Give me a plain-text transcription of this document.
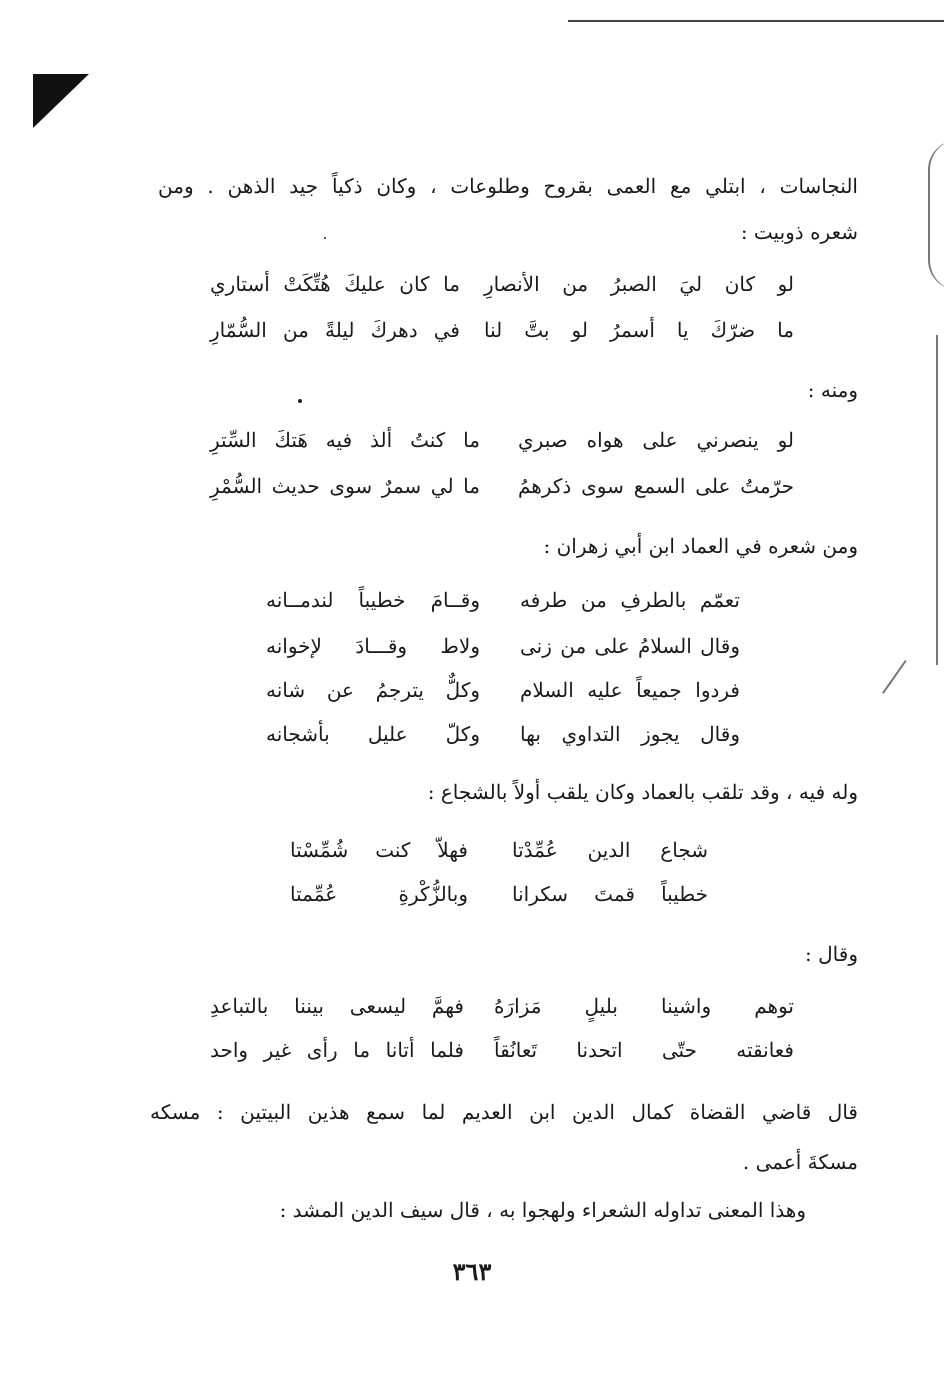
النجاسات ، ابتلي مع العمى بقروح وطلوعات ، وكان ذكياً جيد الذهن . ومن
شعره ذوبيت :
لو كان ليَ الصبرُ من الأنصارِ
ما كان عليكَ هُتِّكَتْ أستاري
ما ضرّكَ يا أسمرُ لو بتَّ لنا
في دهركَ ليلةً من السُّمّارِ
ومنه :
لو ينصرني على هواه صبري
ما كنتُ ألذ فيه هَتكَ السِّترِ
حرّمتُ على السمع سوى ذكرهمُ
ما لي سمرٌ سوى حديث السُّمْرِ
ومن شعره في العماد ابن أبي زهران :
تعمّم بالطرفِ من طرفه
وقــامَ خطيباً لندمــانه
وقال السلامُ على من زنى
ولاط وقـــادَ لإخوانه
فردوا جميعاً عليه السلام
وكلٌّ يترجمُ عن شانه
وقال يجوز التداوي بها
وكلّ عليل بأشجانه
وله فيه ، وقد تلقب بالعماد وكان يلقب أولاً بالشجاع :
شجاع الدين عُمِّدْتا
فهلاّ كنت شُمِّسْتا
خطيباً قمتَ سكرانا
وبالزُّكْرةِ عُمِّمتا
وقال :
توهم واشينا بليلٍ مَزارَهُ
فهمَّ ليسعى بيننا بالتباعدِ
فعانقته حتّى اتحدنا تَعانُقاً
فلما أتانا ما رأى غير واحد
قال قاضي القضاة كمال الدين ابن العديم لما سمع هذين البيتين : مسكه
مسكةَ أعمى .
وهذا المعنى تداوله الشعراء ولهجوا به ، قال سيف الدين المشد :
٣٦٣
